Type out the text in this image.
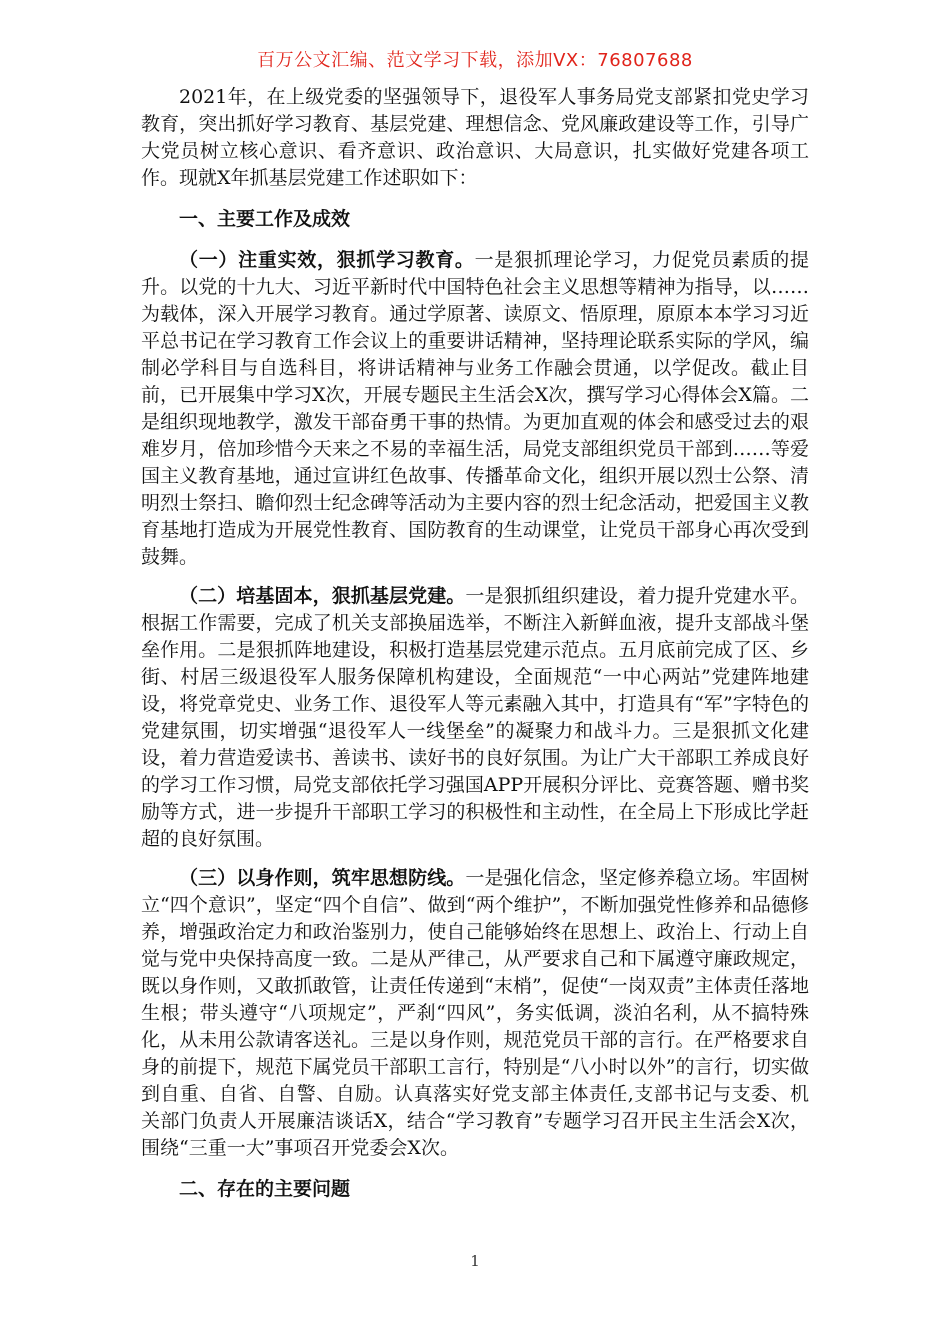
百万公文汇编、范文学习下载，添加VX：76807688

2021年，在上级党委的坚强领导下，退役军人事务局党支部紧扣党史学习教育，突出抓好学习教育、基层党建、理想信念、党风廉政建设等工作，引导广大党员树立核心意识、看齐意识、政治意识、大局意识，扎实做好党建各项工作。现就X年抓基层党建工作述职如下：

一、主要工作及成效

（一）注重实效，狠抓学习教育。一是狠抓理论学习，力促党员素质的提升。以党的十九大、习近平新时代中国特色社会主义思想等精神为指导，以……为载体，深入开展学习教育。通过学原著、读原文、悟原理，原原本本学习习近平总书记在学习教育工作会议上的重要讲话精神，坚持理论联系实际的学风，编制必学科目与自选科目，将讲话精神与业务工作融会贯通，以学促改。截止目前，已开展集中学习X次，开展专题民主生活会X次，撰写学习心得体会X篇。二是组织现地教学，激发干部奋勇干事的热情。为更加直观的体会和感受过去的艰难岁月，倍加珍惜今天来之不易的幸福生活，局党支部组织党员干部到……等爱国主义教育基地，通过宣讲红色故事、传播革命文化，组织开展以烈士公祭、清明烈士祭扫、瞻仰烈士纪念碑等活动为主要内容的烈士纪念活动，把爱国主义教育基地打造成为开展党性教育、国防教育的生动课堂，让党员干部身心再次受到鼓舞。

（二）培基固本，狠抓基层党建。一是狠抓组织建设，着力提升党建水平。根据工作需要，完成了机关支部换届选举，不断注入新鲜血液，提升支部战斗堡垒作用。二是狠抓阵地建设，积极打造基层党建示范点。五月底前完成了区、乡街、村居三级退役军人服务保障机构建设，全面规范“一中心两站”党建阵地建设，将党章党史、业务工作、退役军人等元素融入其中，打造具有“军”字特色的党建氛围，切实增强“退役军人一线堡垒”的凝聚力和战斗力。三是狠抓文化建设，着力营造爱读书、善读书、读好书的良好氛围。为让广大干部职工养成良好的学习工作习惯，局党支部依托学习强国APP开展积分评比、竞赛答题、赠书奖励等方式，进一步提升干部职工学习的积极性和主动性，在全局上下形成比学赶超的良好氛围。

（三）以身作则，筑牢思想防线。一是强化信念，坚定修养稳立场。牢固树立“四个意识”，坚定“四个自信”、做到“两个维护”，不断加强党性修养和品德修养，增强政治定力和政治鉴别力，使自己能够始终在思想上、政治上、行动上自觉与党中央保持高度一致。二是从严律己，从严要求自己和下属遵守廉政规定，既以身作则，又敢抓敢管，让责任传递到“末梢”，促使“一岗双责”主体责任落地生根；带头遵守“八项规定”，严刹“四风”，务实低调，淡泊名利，从不搞特殊化，从未用公款请客送礼。三是以身作则，规范党员干部的言行。在严格要求自身的前提下，规范下属党员干部职工言行，特别是“八小时以外”的言行，切实做到自重、自省、自警、自励。认真落实好党支部主体责任,支部书记与支委、机关部门负责人开展廉洁谈话X，结合“学习教育”专题学习召开民主生活会X次，围绕“三重一大”事项召开党委会X次。

二、存在的主要问题

1
